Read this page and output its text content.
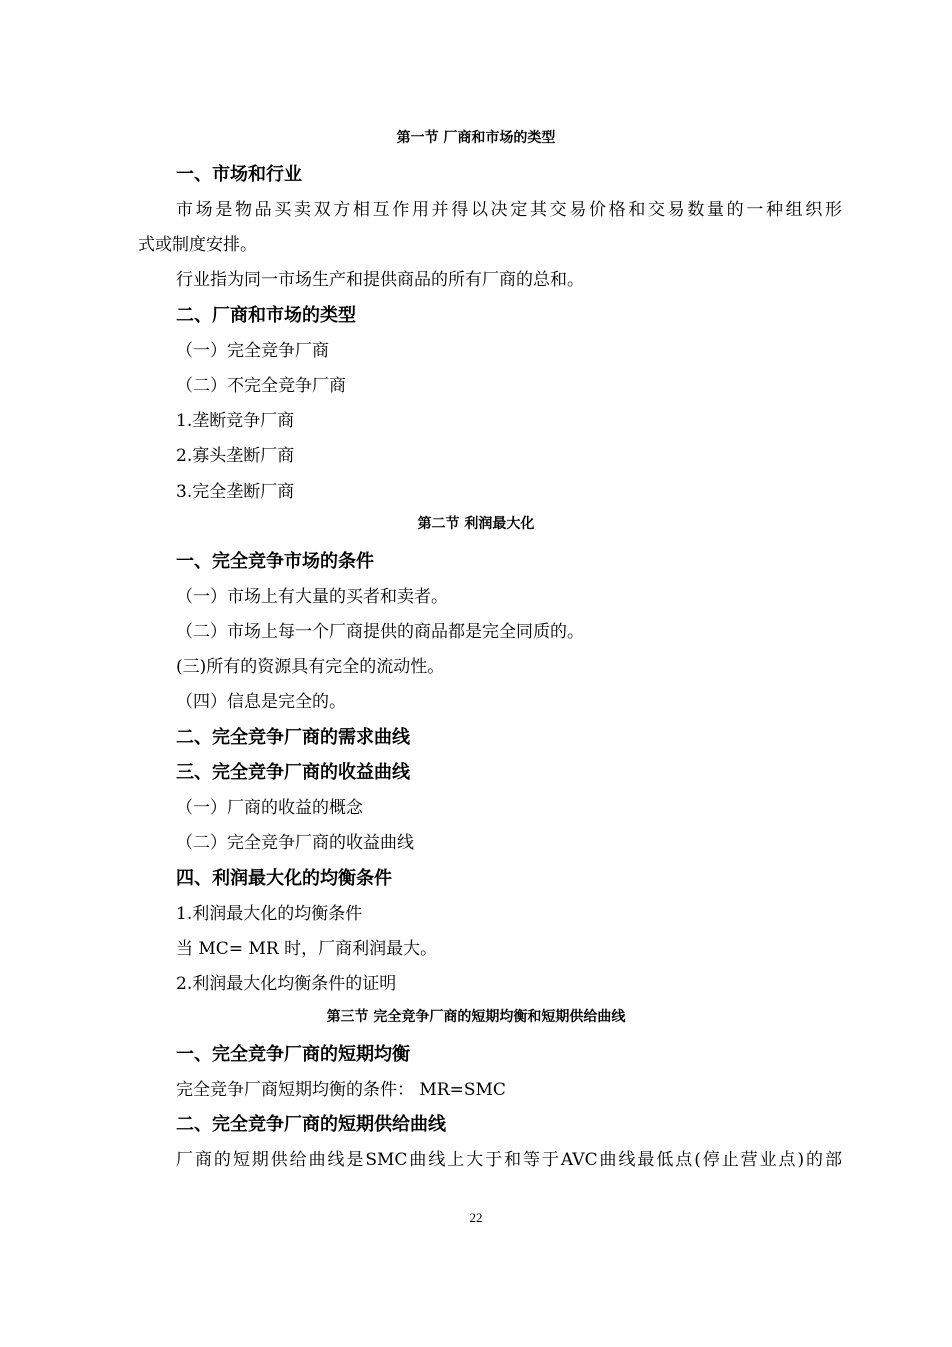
第一节 厂商和市场的类型
一、市场和行业
市场是物品买卖双方相互作用并得以决定其交易价格和交易数量的一种组织形
式或制度安排。
行业指为同一市场生产和提供商品的所有厂商的总和。
二、厂商和市场的类型
（一）完全竞争厂商
（二）不完全竞争厂商
1.垄断竞争厂商
2.寡头垄断厂商
3.完全垄断厂商
第二节 利润最大化
一、完全竞争市场的条件
（一）市场上有大量的买者和卖者。
（二）市场上每一个厂商提供的商品都是完全同质的。
(三)所有的资源具有完全的流动性。
（四）信息是完全的。
二、完全竞争厂商的需求曲线
三、完全竞争厂商的收益曲线
（一）厂商的收益的概念
（二）完全竞争厂商的收益曲线
四、利润最大化的均衡条件
1.利润最大化的均衡条件
当 MC= MR 时，厂商利润最大。
2.利润最大化均衡条件的证明
第三节 完全竞争厂商的短期均衡和短期供给曲线
一、完全竞争厂商的短期均衡
完全竞争厂商短期均衡的条件： MR=SMC
二、完全竞争厂商的短期供给曲线
厂商的短期供给曲线是SMC曲线上大于和等于AVC曲线最低点(停止营业点)的部
22
